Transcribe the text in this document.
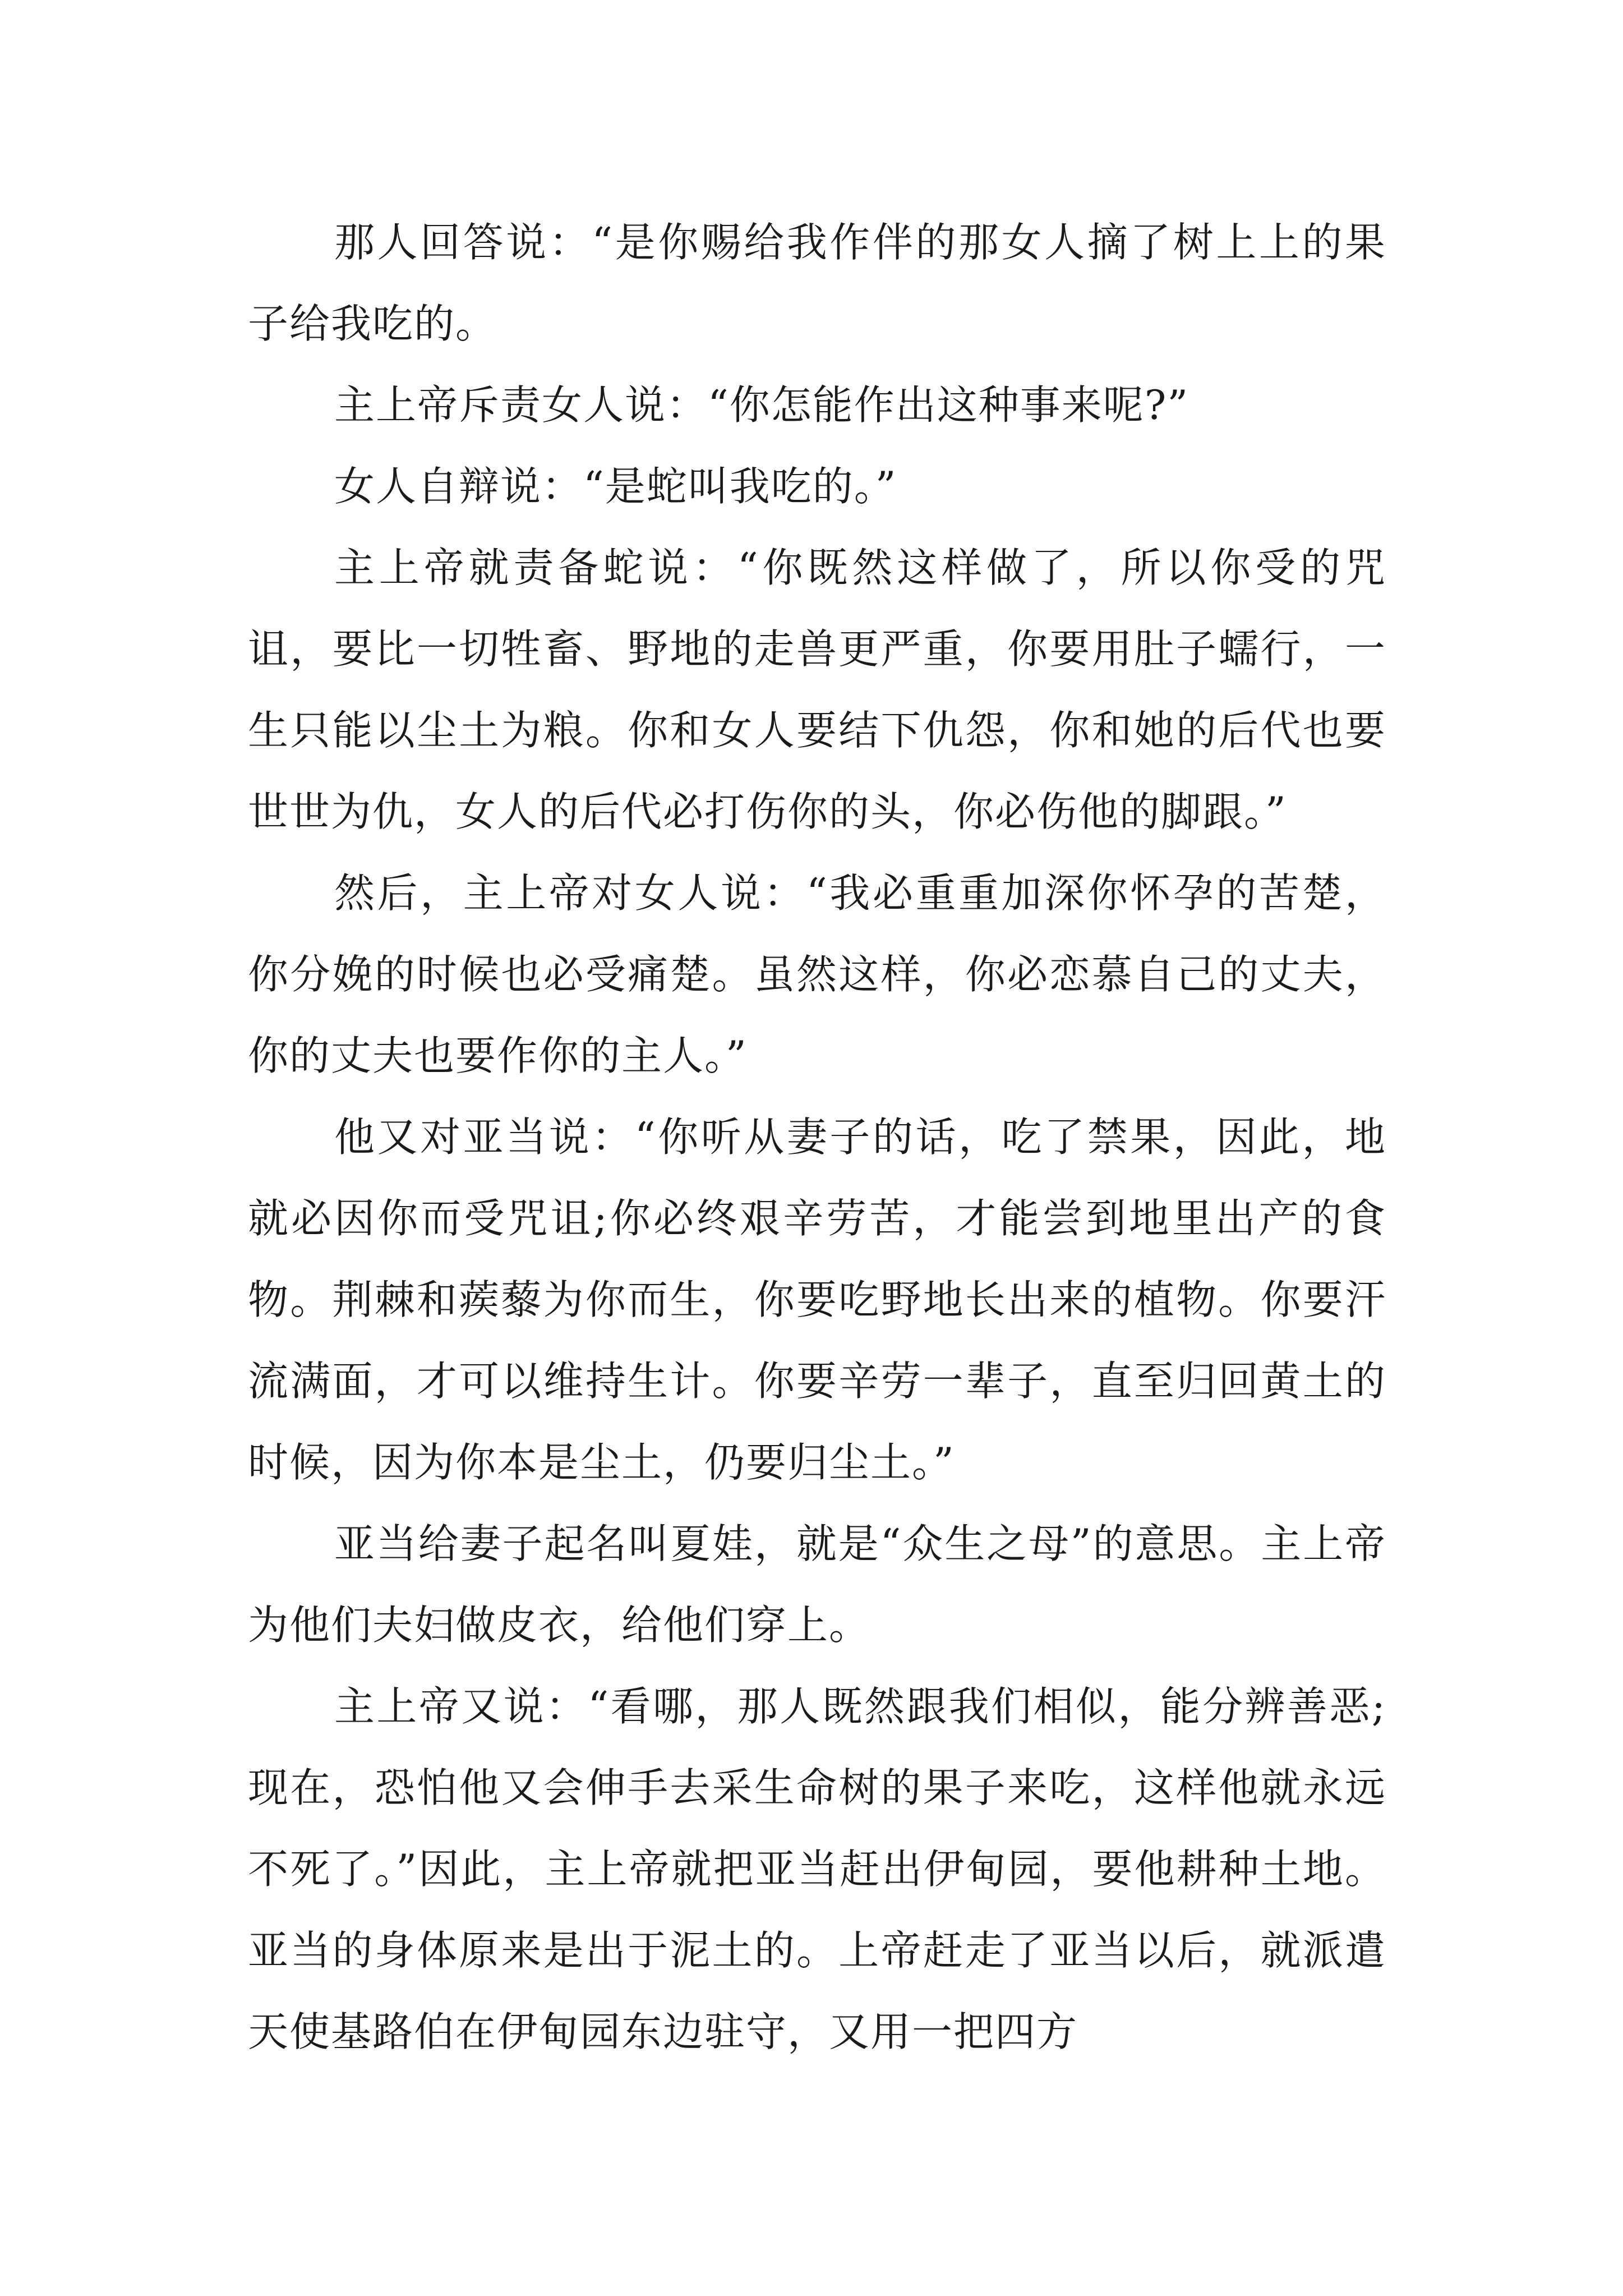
那人回答说：“是你赐给我作伴的那女人摘了树上上的果子给我吃的。

主上帝斥责女人说：“你怎能作出这种事来呢?”

女人自辩说：“是蛇叫我吃的。”

主上帝就责备蛇说：“你既然这样做了，所以你受的咒诅，要比一切牲畜、野地的走兽更严重，你要用肚子蠕行，一生只能以尘土为粮。你和女人要结下仇怨，你和她的后代也要世世为仇，女人的后代必打伤你的头，你必伤他的脚跟。”

然后，主上帝对女人说：“我必重重加深你怀孕的苦楚，你分娩的时候也必受痛楚。虽然这样，你必恋慕自己的丈夫，你的丈夫也要作你的主人。”

他又对亚当说：“你听从妻子的话，吃了禁果，因此，地就必因你而受咒诅;你必终艰辛劳苦，才能尝到地里出产的食物。荆棘和蒺藜为你而生，你要吃野地长出来的植物。你要汗流满面，才可以维持生计。你要辛劳一辈子，直至归回黄土的时候，因为你本是尘土，仍要归尘土。”

亚当给妻子起名叫夏娃，就是“众生之母”的意思。主上帝为他们夫妇做皮衣，给他们穿上。

主上帝又说：“看哪，那人既然跟我们相似，能分辨善恶;现在，恐怕他又会伸手去采生命树的果子来吃，这样他就永远不死了。”因此，主上帝就把亚当赶出伊甸园，要他耕种土地。亚当的身体原来是出于泥土的。上帝赶走了亚当以后，就派遣天使基路伯在伊甸园东边驻守，又用一把四方
